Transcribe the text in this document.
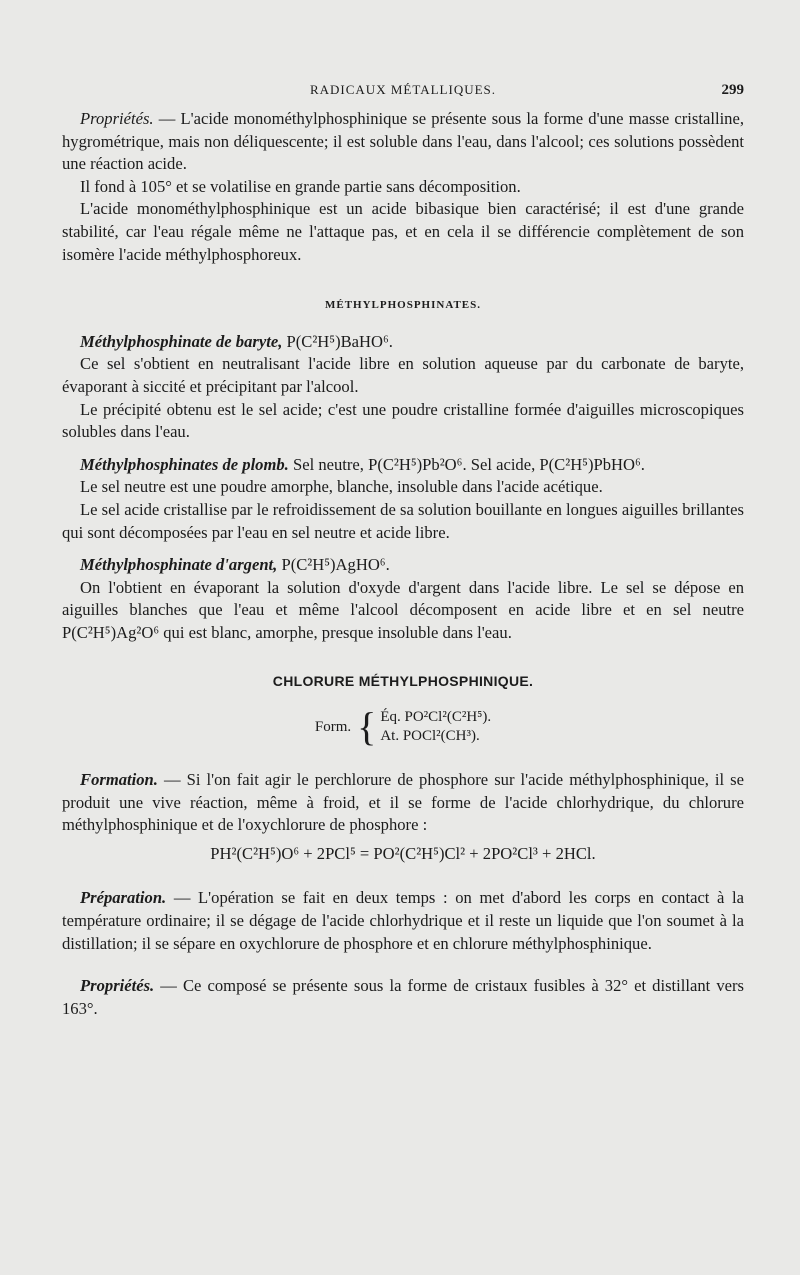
RADICAUX MÉTALLIQUES.	299

Propriétés. — L'acide monométhylphosphinique se présente sous la forme d'une masse cristalline, hygrométrique, mais non déliquescente; il est soluble dans l'eau, dans l'alcool; ces solutions possèdent une réaction acide.

Il fond à 105° et se volatilise en grande partie sans décomposition.

L'acide monométhylphosphinique est un acide bibasique bien caractérisé; il est d'une grande stabilité, car l'eau régale même ne l'attaque pas, et en cela il se différencie complètement de son isomère l'acide méthylphosphoreux.

MÉTHYLPHOSPHINATES.

Méthylphosphinate de baryte, P(C²H⁵)BaHO⁶.

Ce sel s'obtient en neutralisant l'acide libre en solution aqueuse par du carbonate de baryte, évaporant à siccité et précipitant par l'alcool.

Le précipité obtenu est le sel acide; c'est une poudre cristalline formée d'aiguilles microscopiques solubles dans l'eau.

Méthylphosphinates de plomb. Sel neutre, P(C²H⁵)Pb²O⁶. Sel acide, P(C²H⁵)PbHO⁶.

Le sel neutre est une poudre amorphe, blanche, insoluble dans l'acide acétique.

Le sel acide cristallise par le refroidissement de sa solution bouillante en longues aiguilles brillantes qui sont décomposées par l'eau en sel neutre et acide libre.

Méthylphosphinate d'argent, P(C²H⁵)AgHO⁶.

On l'obtient en évaporant la solution d'oxyde d'argent dans l'acide libre. Le sel se dépose en aiguilles blanches que l'eau et même l'alcool décomposent en acide libre et en sel neutre P(C²H⁵)Ag²O⁶ qui est blanc, amorphe, presque insoluble dans l'eau.

CHLORURE MÉTHYLPHOSPHINIQUE.
Form. { Éq. PO²Cl²(C²H⁵).
At. POCl²(CH³).

Formation. — Si l'on fait agir le perchlorure de phosphore sur l'acide méthylphosphinique, il se produit une vive réaction, même à froid, et il se forme de l'acide chlorhydrique, du chlorure méthylphosphinique et de l'oxychlorure de phosphore :

PH²(C²H⁵)O⁶ + 2PCl⁵ = PO²(C²H⁵)Cl² + 2PO²Cl³ + 2HCl.

Préparation. — L'opération se fait en deux temps : on met d'abord les corps en contact à la température ordinaire; il se dégage de l'acide chlorhydrique et il reste un liquide que l'on soumet à la distillation; il se sépare en oxychlorure de phosphore et en chlorure méthylphosphinique.

Propriétés. — Ce composé se présente sous la forme de cristaux fusibles à 32° et distillant vers 163°.
